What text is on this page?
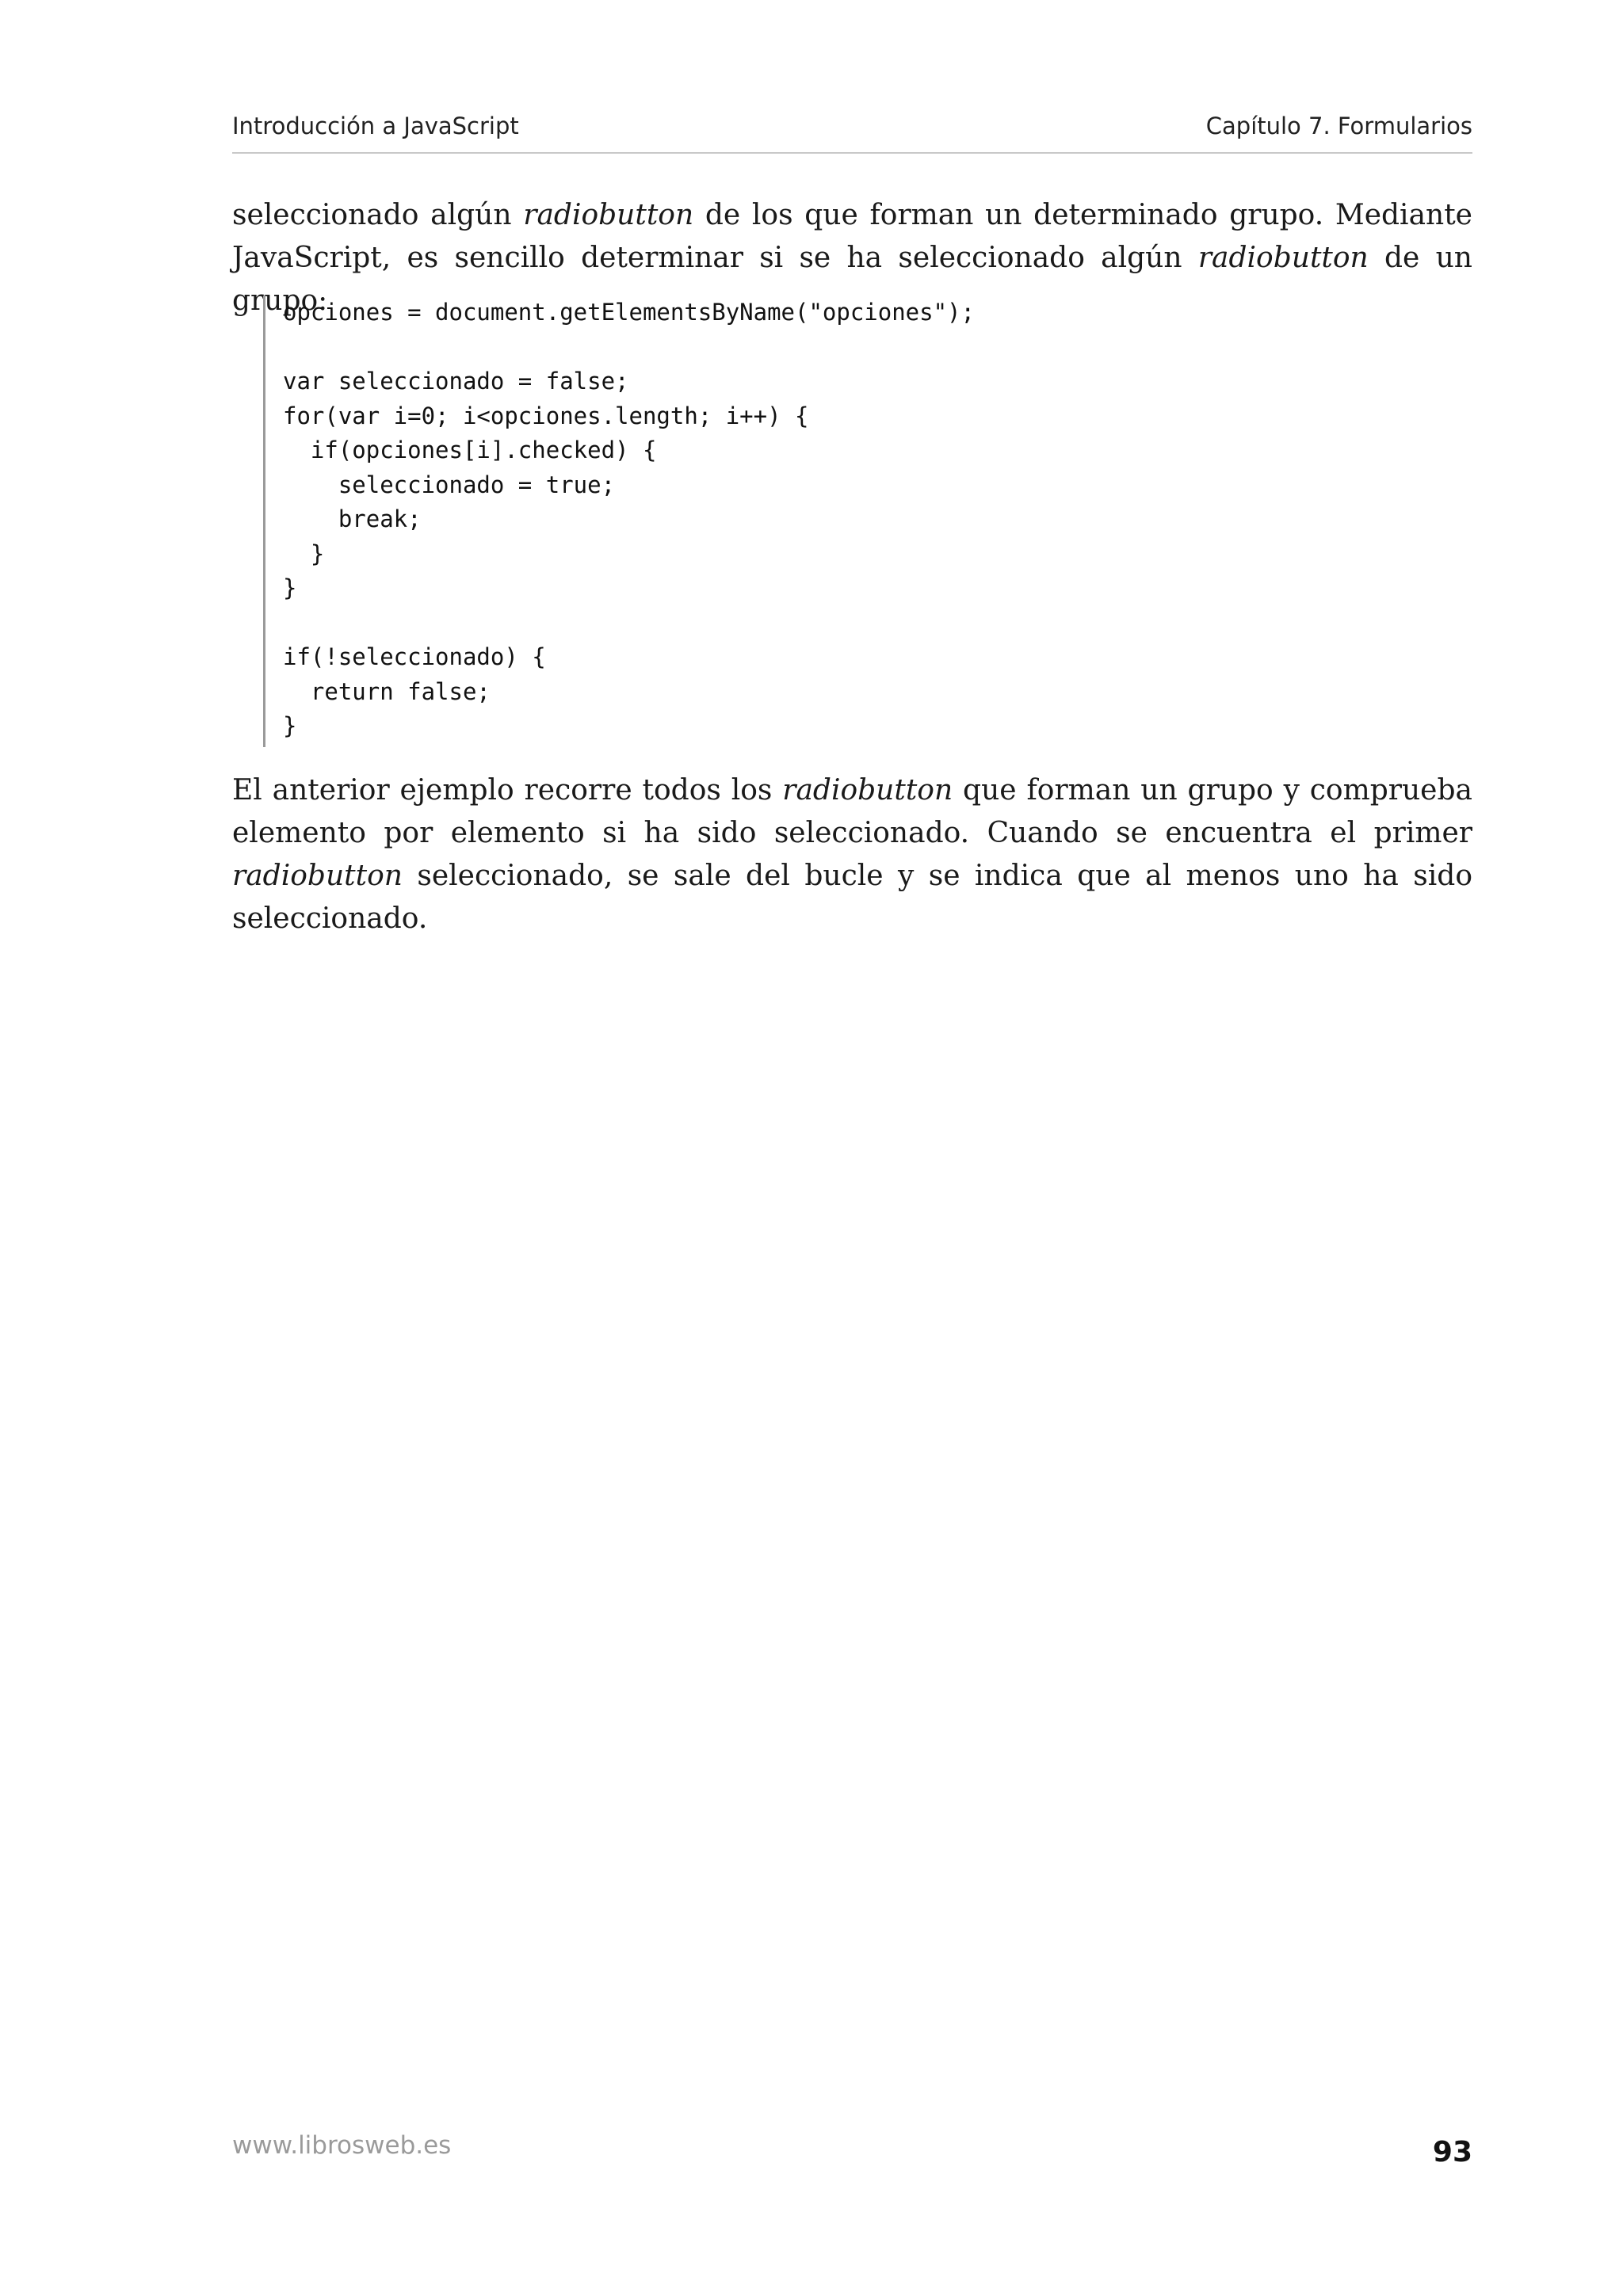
Introducción a JavaScript	Capítulo 7. Formularios

seleccionado algún radiobutton de los que forman un determinado grupo. Mediante JavaScript, es sencillo determinar si se ha seleccionado algún radiobutton de un grupo:

opciones = document.getElementsByName("opciones");

var seleccionado = false;
for(var i=0; i<opciones.length; i++) {
if(opciones[i].checked) {
seleccionado = true;
break;
}
}

if(!seleccionado) {
return false;
}

El anterior ejemplo recorre todos los radiobutton que forman un grupo y comprueba elemento por elemento si ha sido seleccionado. Cuando se encuentra el primer radiobutton seleccionado, se sale del bucle y se indica que al menos uno ha sido seleccionado.

www.librosweb.es	93
